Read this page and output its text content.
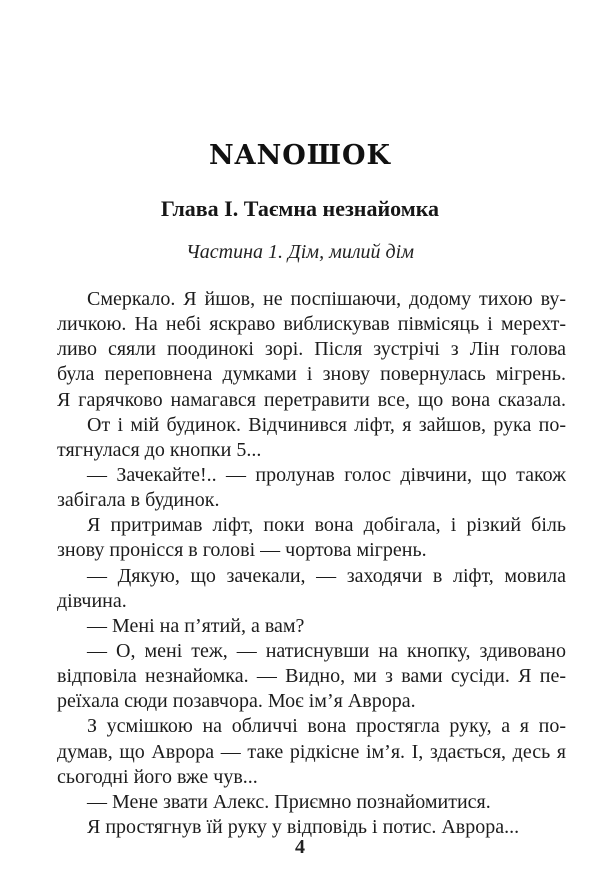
NANOШOK
Глава І. Таємна незнайомка
Частина 1. Дім, милий дім
Смеркало. Я йшов, не поспішаючи, додому тихою ву-
личкою. На небі яскраво виблискував півмісяць і мерехт-
ливо сяяли поодинокі зорі. Після зустрічі з Лін голова
була переповнена думками і знову повернулась мігрень.
Я гарячково намагався перетравити все, що вона сказала.
От і мій будинок. Відчинився ліфт, я зайшов, рука по-
тягнулася до кнопки 5...
— Зачекайте!.. — пролунав голос дівчини, що також
забігала в будинок.
Я притримав ліфт, поки вона добігала, і різкий біль
знову пронісся в голові — чортова мігрень.
— Дякую, що зачекали, — заходячи в ліфт, мовила
дівчина.
— Мені на п’ятий, а вам?
— О, мені теж, — натиснувши на кнопку, здивовано
відповіла незнайомка. — Видно, ми з вами сусіди. Я пе-
реїхала сюди позавчора. Моє ім’я Аврора.
З усмішкою на обличчі вона простягла руку, а я по-
думав, що Аврора — таке рідкісне ім’я. І, здається, десь я
сьогодні його вже чув...
— Мене звати Алекс. Приємно познайомитися.
Я простягнув їй руку у відповідь і потис. Аврора...
4
